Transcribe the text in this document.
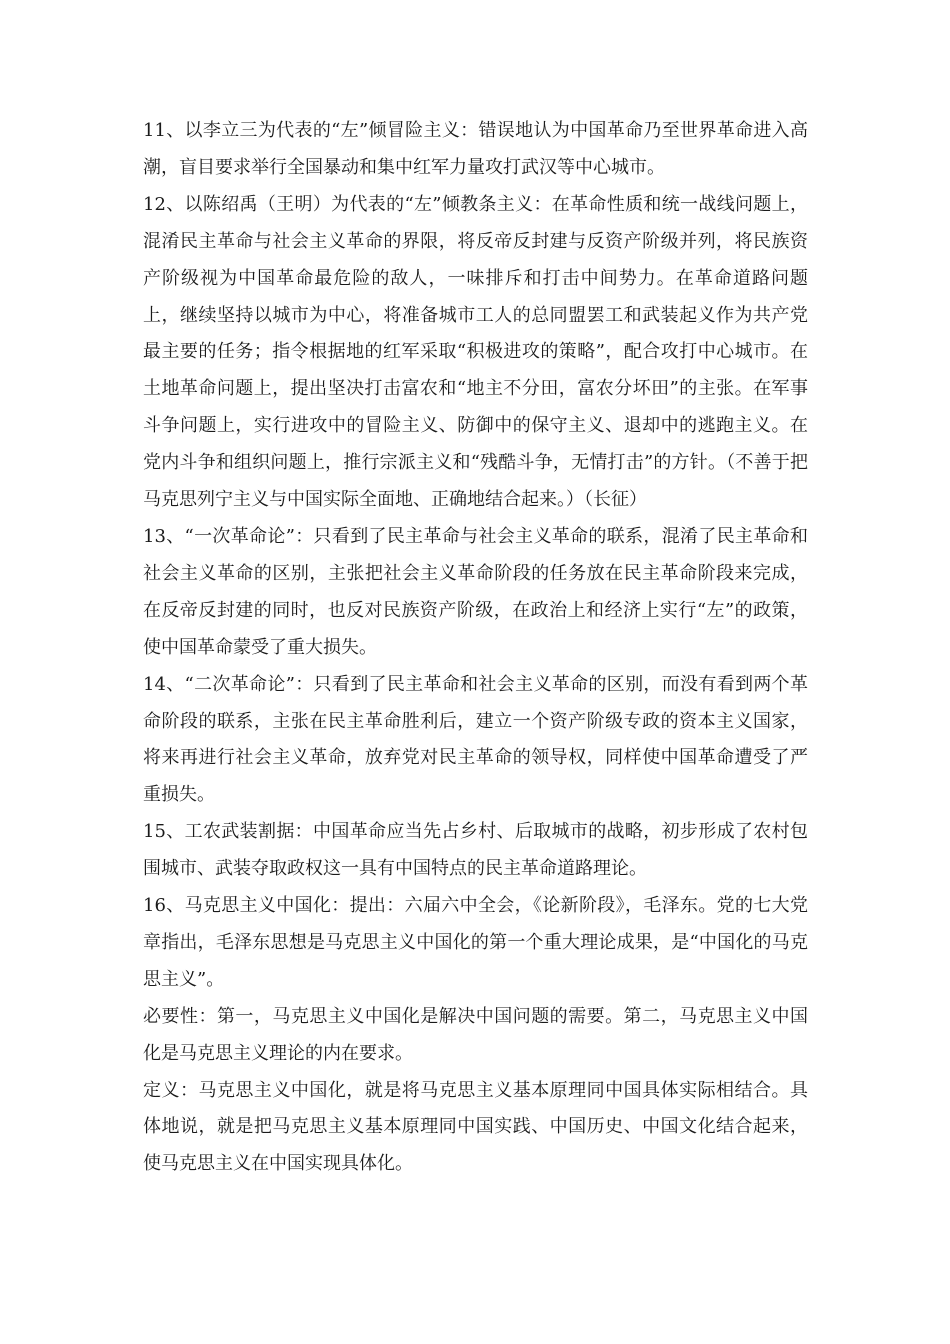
11、以李立三为代表的“左”倾冒险主义：错误地认为中国革命乃至世界革命进入高潮，盲目要求举行全国暴动和集中红军力量攻打武汉等中心城市。

12、以陈绍禹（王明）为代表的“左”倾教条主义：在革命性质和统一战线问题上，混淆民主革命与社会主义革命的界限，将反帝反封建与反资产阶级并列，将民族资产阶级视为中国革命最危险的敌人，一味排斥和打击中间势力。在革命道路问题上，继续坚持以城市为中心，将准备城市工人的总同盟罢工和武装起义作为共产党最主要的任务；指令根据地的红军采取“积极进攻的策略”，配合攻打中心城市。在土地革命问题上，提出坚决打击富农和“地主不分田，富农分坏田”的主张。在军事斗争问题上，实行进攻中的冒险主义、防御中的保守主义、退却中的逃跑主义。在党内斗争和组织问题上，推行宗派主义和“残酷斗争，无情打击”的方针。（不善于把马克思列宁主义与中国实际全面地、正确地结合起来。）（长征）

13、“一次革命论”：只看到了民主革命与社会主义革命的联系，混淆了民主革命和社会主义革命的区别，主张把社会主义革命阶段的任务放在民主革命阶段来完成， 在反帝反封建的同时，也反对民族资产阶级，在政治上和经济上实行“左”的政策，使中国革命蒙受了重大损失。

14、“二次革命论”：只看到了民主革命和社会主义革命的区别，而没有看到两个革命阶段的联系，主张在民主革命胜利后，建立一个资产阶级专政的资本主义国家，将来再进行社会主义革命，放弃党对民主革命的领导权，同样使中国革命遭受了严重损失。

15、工农武装割据：中国革命应当先占乡村、后取城市的战略，初步形成了农村包围城市、武装夺取政权这一具有中国特点的民主革命道路理论。

16、马克思主义中国化：提出：六届六中全会，《论新阶段》，毛泽东。党的七大党章指出，毛泽东思想是马克思主义中国化的第一个重大理论成果，是“中国化的马克思主义”。

必要性：第一，马克思主义中国化是解决中国问题的需要。第二，马克思主义中国化是马克思主义理论的内在要求。

定义：马克思主义中国化，就是将马克思主义基本原理同中国具体实际相结合。具体地说，就是把马克思主义基本原理同中国实践、中国历史、中国文化结合起来，使马克思主义在中国实现具体化。
